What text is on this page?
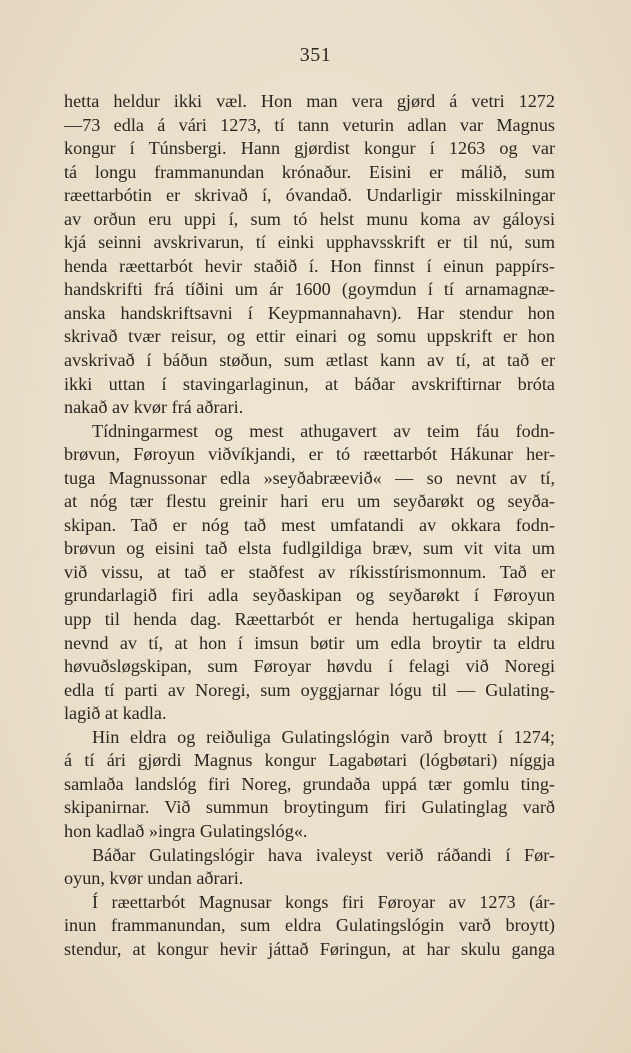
351
hetta heldur ikki væl. Hon man vera gjørd á vetri 1272
—73 edla á vári 1273, tí tann veturin adlan var Magnus
kongur í Túnsbergi. Hann gjørdist kongur í 1263 og var
tá longu frammanundan krónaður. Eisini er málið, sum
ræettarbótin er skrivað í, óvandað. Undarligir misskilningar
av orðun eru uppi í, sum tó helst munu koma av gáloysi
kjá seinni avskrivarun, tí einki upphavsskrift er til nú, sum
henda ræettarbót hevir staðið í. Hon finnst í einun pappírs-
handskrifti frá tíðini um ár 1600 (goymdun í tí arnamagnæ-
anska handskriftsavni í Keypmannahavn). Har stendur hon
skrivað tvær reisur, og ettir einari og somu uppskrift er hon
avskrivað í báðun støðun, sum ætlast kann av tí, at tað er
ikki uttan í stavingarlaginun, at báðar avskriftirnar bróta
nakað av kvør frá aðrari.
Tídningarmest og mest athugavert av teim fáu fodn-
brøvun, Føroyun viðvíkjandi, er tó ræettarbót Hákunar her-
tuga Magnussonar edla »seyðabræevið« — so nevnt av tí,
at nóg tær flestu greinir hari eru um seyðarøkt og seyða-
skipan. Tað er nóg tað mest umfatandi av okkara fodn-
brøvun og eisini tað elsta fudlgildiga bræv, sum vit vita um
við vissu, at tað er staðfest av ríkisstírismonnum. Tað er
grundarlagið firi adla seyðaskipan og seyðarøkt í Føroyun
upp til henda dag. Ræettarbót er henda hertugaliga skipan
nevnd av tí, at hon í imsun bøtir um edla broytir ta eldru
høvuðsløgskipan, sum Føroyar høvdu í felagi við Noregi
edla tí parti av Noregi, sum oyggjarnar lógu til — Gulating-
lagið at kadla.
Hin eldra og reiðuliga Gulatingslógin varð broytt í 1274;
á tí ári gjørdi Magnus kongur Lagabøtari (lógbøtari) níggja
samlaða landslóg firi Noreg, grundaða uppá tær gomlu ting-
skipanirnar. Við summun broytingum firi Gulatinglag varð
hon kadlað »ingra Gulatingslóg«.
Báðar Gulatingslógir hava ivaleyst verið ráðandi í Før-
oyun, kvør undan aðrari.
Í ræettarbót Magnusar kongs firi Føroyar av 1273 (ár-
inun frammanundan, sum eldra Gulatingslógin varð broytt)
stendur, at kongur hevir játtað Føringun, at har skulu ganga
